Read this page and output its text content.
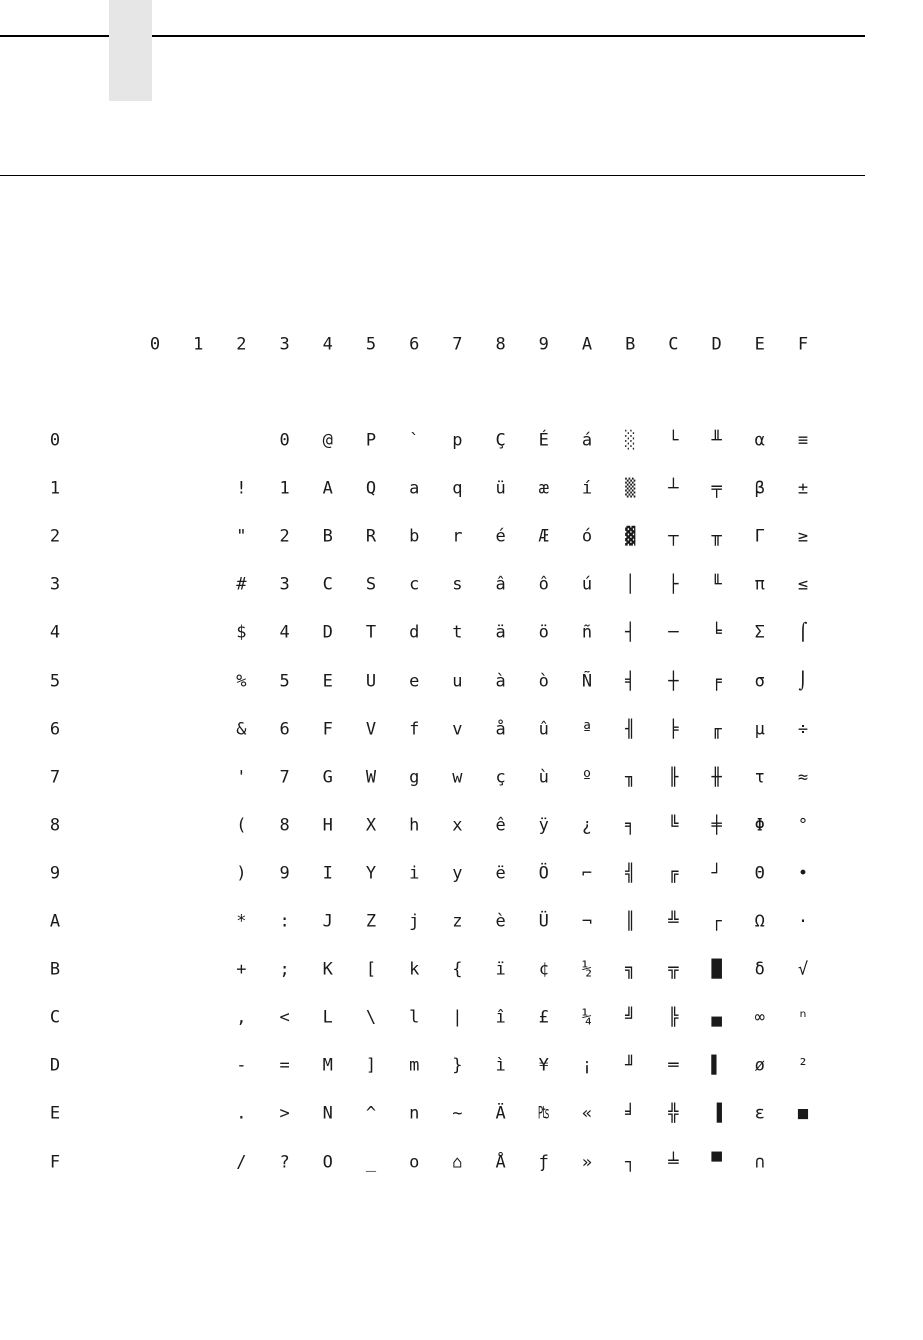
0 1 2 3 4 5 6 7 8 9 A B C D E F
0
1
2
3
4
5
6
7
8
9
A
B
C
D
E
F
0 @ P ` p Ç É á ░ └ ╨ α ≡
! 1 A Q a q ü æ í ▒ ┴ ╤ β ±
" 2 B R b r é Æ ó ▓ ┬ ╥ Γ ≥
# 3 C S c s â ô ú │ ├ ╙ π ≤
$ 4 D T d t ä ö ñ ┤ ─ ╘ Σ ⌠
% 5 E U e u à ò Ñ ╡ ┼ ╒ σ ⌡
& 6 F V f v å û ª ╢ ╞ ╓ µ ÷
' 7 G W g w ç ù º ╖ ╟ ╫ τ ≈
( 8 H X h x ê ÿ ¿ ╕ ╚ ╪ Φ °
) 9 I Y i y ë Ö ⌐ ╣ ╔ ┘ Θ •
* : J Z j z è Ü ¬ ║ ╩ ┌ Ω ·
+ ; K [ k { ï ¢ ½ ╗ ╦ █ δ √
, < L \ l | î £ ¼ ╝ ╠ ▄ ∞ ⁿ
- = M ] m } ì ¥ ¡ ╜ ═ ▌ ø ²
. > N ^ n ~ Ä ₧ « ╛ ╬ ▐ ε ■
/ ? O _ o ⌂ Å ƒ » ┐ ╧ ▀ ∩
